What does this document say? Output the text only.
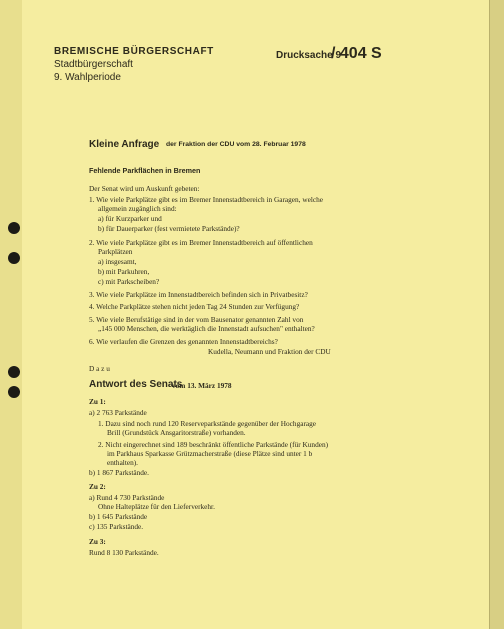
BREMISCHE BÜRGERSCHAFT
Stadtbürgerschaft
9. Wahlperiode
Drucksache 9
/ 404 S
Kleine Anfrage der Fraktion der CDU vom 28. Februar 1978
Fehlende Parkflächen in Bremen
Der Senat wird um Auskunft gebeten:
1. Wie viele Parkplätze gibt es im Bremer Innenstadtbereich in Garagen, welche
allgemein zugänglich sind:
a) für Kurzparker und
b) für Dauerparker (fest vermietete Parkstände)?
2. Wie viele Parkplätze gibt es im Bremer Innenstadtbereich auf öffentlichen
Parkplätzen
a) insgesamt,
b) mit Parkuhren,
c) mit Parkscheiben?
3. Wie viele Parkplätze im Innenstadtbereich befinden sich in Privatbesitz?
4. Welche Parkplätze stehen nicht jeden Tag 24 Stunden zur Verfügung?
5. Wie viele Berufstätige sind in der vom Bausenator genannten Zahl von
„145 000 Menschen, die werktäglich die Innenstadt aufsuchen" enthalten?
6. Wie verlaufen die Grenzen des genannten Innenstadtbereichs?
Kudella, Neumann und Fraktion der CDU
D a z u
Antwort des Senats
vom 13. März 1978
Zu 1:
a) 2 763 Parkstände
1. Dazu sind noch rund 120 Reserveparkstände gegenüber der Hochgarage
Brill (Grundstück Ansgaritorstraße) vorhanden.
2. Nicht eingerechnet sind 189 beschränkt öffentliche Parkstände (für Kunden)
im Parkhaus Sparkasse Grützmacherstraße (diese Plätze sind unter 1 b
enthalten).
b) 1 867 Parkstände.
Zu 2:
a) Rund 4 730 Parkstände
Ohne Halteplätze für den Lieferverkehr.
b) 1 645 Parkstände
c) 135 Parkstände.
Zu 3:
Rund 8 130 Parkstände.
